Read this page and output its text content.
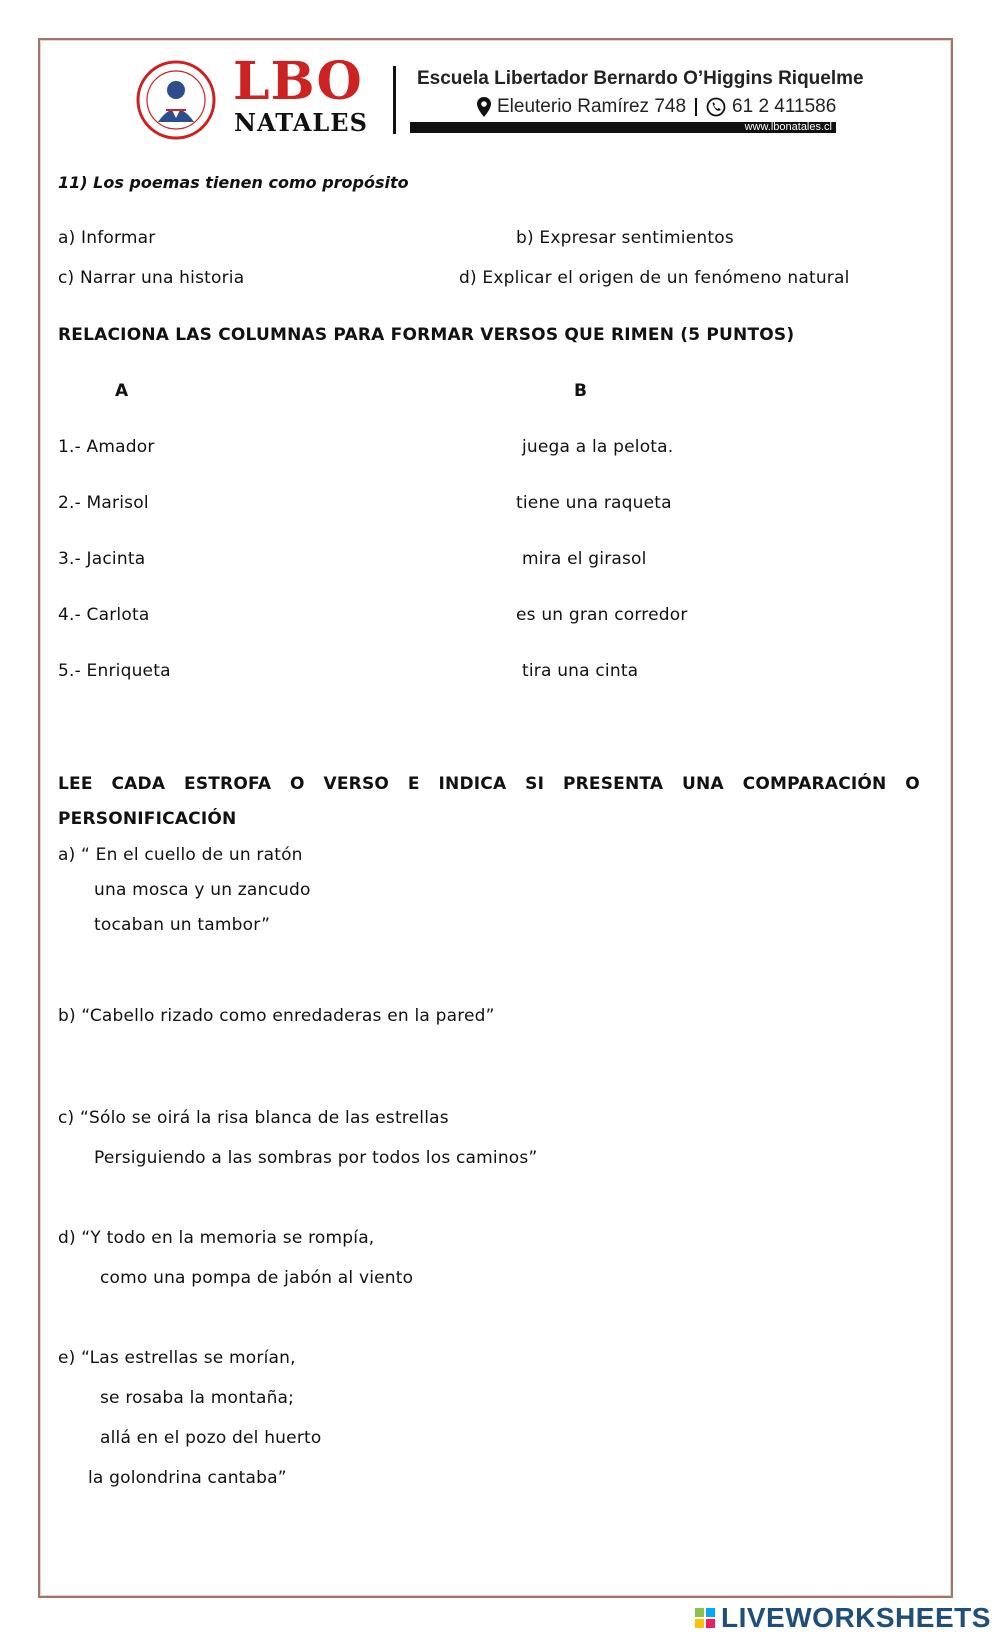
LBO
NATALES
Escuela Libertador Bernardo O’Higgins Riquelme
Eleuterio Ramírez 748 61 2 411586
www.lbonatales.cl
11) Los poemas tienen como propósito
a) Informar	b) Expresar sentimientos
c) Narrar una historia	d) Explicar el origen de un fenómeno natural
RELACIONA LAS COLUMNAS PARA FORMAR VERSOS QUE RIMEN (5 PUNTOS)
A	B
1.- Amador	juega a la pelota.
2.- Marisol	tiene una raqueta
3.- Jacinta	mira el girasol
4.- Carlota	es un gran corredor
5.- Enriqueta	tira una cinta
LEE CADA ESTROFA O VERSO E INDICA SI PRESENTA UNA COMPARACIÓN O
PERSONIFICACIÓN
a) “ En el cuello de un ratón
una mosca y un zancudo
tocaban un tambor”
b) “Cabello rizado como enredaderas en la pared”
c) “Sólo se oirá la risa blanca de las estrellas
Persiguiendo a las sombras por todos los caminos”
d) “Y todo en la memoria se rompía,
como una pompa de jabón al viento
e) “Las estrellas se morían,
se rosaba la montaña;
allá en el pozo del huerto
la golondrina cantaba”
LIVEWORKSHEETS
